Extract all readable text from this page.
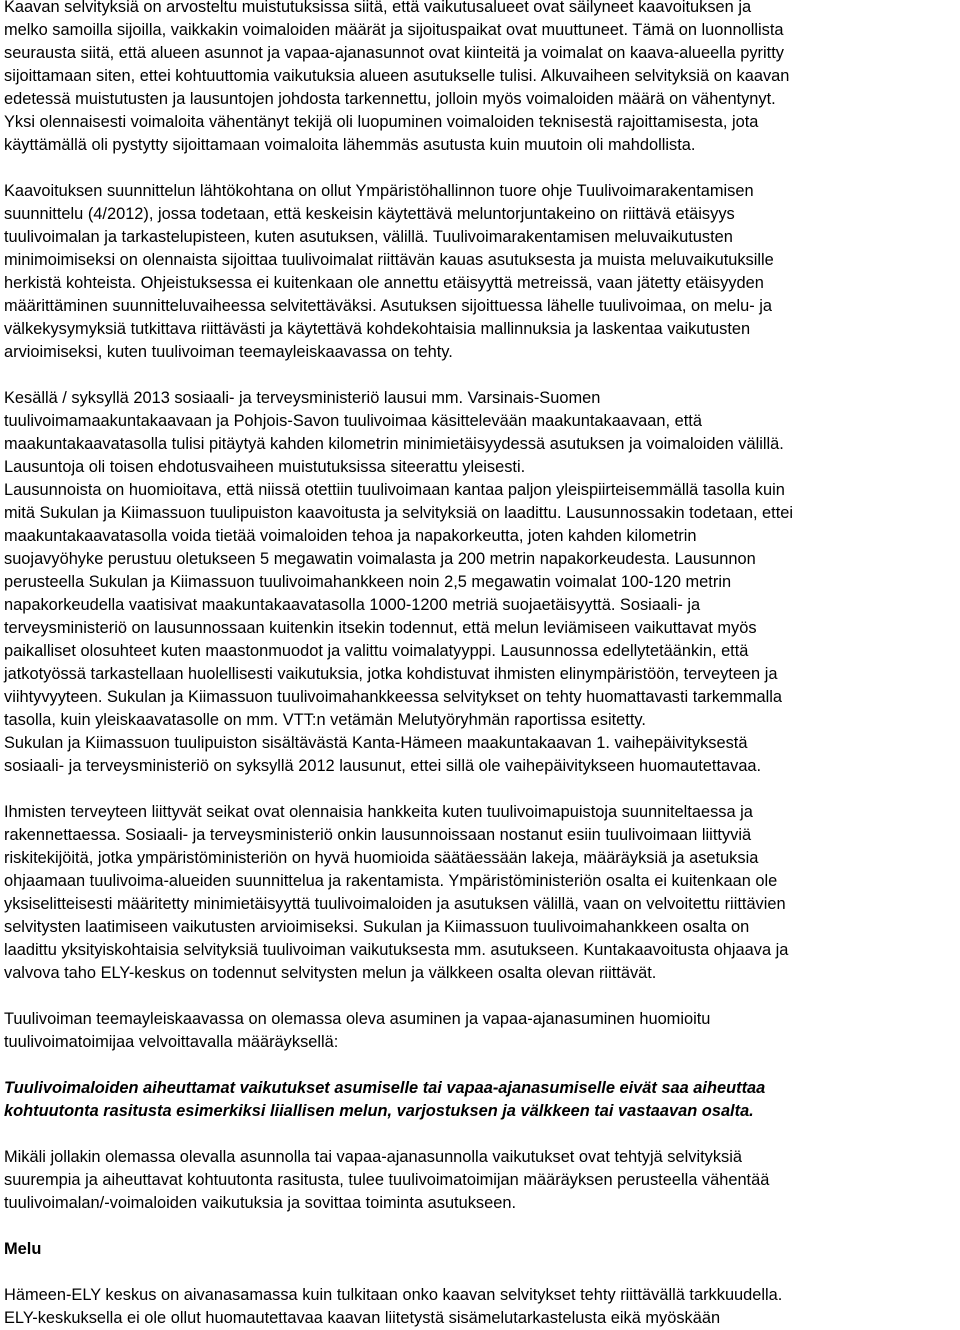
Kaavan selvityksiä on arvosteltu muistutuksissa siitä, että vaikutusalueet ovat säilyneet kaavoituksen ja
melko samoilla sijoilla, vaikkakin voimaloiden määrät ja sijoituspaikat ovat muuttuneet. Tämä on luonnollista
seurausta siitä, että alueen asunnot ja vapaa-ajanasunnot ovat kiinteitä ja voimalat on kaava-alueella pyritty
sijoittamaan siten, ettei kohtuuttomia vaikutuksia alueen asutukselle tulisi. Alkuvaiheen selvityksiä on kaavan
edetessä muistutusten ja lausuntojen johdosta tarkennettu, jolloin myös voimaloiden määrä on vähentynyt.
Yksi olennaisesti voimaloita vähentänyt tekijä oli luopuminen voimaloiden teknisestä rajoittamisesta, jota
käyttämällä oli pystytty sijoittamaan voimaloita lähemmäs asutusta kuin muutoin oli mahdollista.
Kaavoituksen suunnittelun lähtökohtana on ollut Ympäristöhallinnon tuore ohje Tuulivoimarakentamisen
suunnittelu (4/2012), jossa todetaan, että keskeisin käytettävä meluntorjuntakeino on riittävä etäisyys
tuulivoimalan ja tarkastelupisteen, kuten asutuksen, välillä. Tuulivoimarakentamisen meluvaikutusten
minimoimiseksi on olennaista sijoittaa tuulivoimalat riittävän kauas asutuksesta ja muista meluvaikutuksille
herkistä kohteista. Ohjeistuksessa ei kuitenkaan ole annettu etäisyyttä metreissä, vaan jätetty etäisyyden
määrittäminen suunnitteluvaiheessa selvitettäväksi. Asutuksen sijoittuessa lähelle tuulivoimaa, on melu- ja
välkekysymyksiä tutkittava riittävästi ja käytettävä kohdekohtaisia mallinnuksia ja laskentaa vaikutusten
arvioimiseksi, kuten tuulivoiman teemayleiskaavassa on tehty.
Kesällä / syksyllä 2013 sosiaali- ja terveysministeriö lausui mm. Varsinais-Suomen
tuulivoimamaakuntakaavaan ja Pohjois-Savon tuulivoimaa käsittelevään maakuntakaavaan, että
maakuntakaavatasolla tulisi pitäytyä kahden kilometrin minimietäisyydessä asutuksen ja voimaloiden välillä.
Lausuntoja oli toisen ehdotusvaiheen muistutuksissa siteerattu yleisesti.
Lausunnoista on huomioitava, että niissä otettiin tuulivoimaan kantaa paljon yleispiirteisemmällä tasolla kuin
mitä Sukulan ja Kiimassuon tuulipuiston kaavoitusta ja selvityksiä on laadittu. Lausunnossakin todetaan, ettei
maakuntakaavatasolla voida tietää voimaloiden tehoa ja napakorkeutta, joten kahden kilometrin
suojavyöhyke perustuu oletukseen 5 megawatin voimalasta ja 200 metrin napakorkeudesta. Lausunnon
perusteella Sukulan ja Kiimassuon tuulivoimahankkeen noin 2,5 megawatin voimalat 100-120 metrin
napakorkeudella vaatisivat maakuntakaavatasolla 1000-1200 metriä suojaetäisyyttä. Sosiaali- ja
terveysministeriö on lausunnossaan kuitenkin itsekin todennut, että melun leviämiseen vaikuttavat myös
paikalliset olosuhteet kuten maastonmuodot ja valittu voimalatyyppi. Lausunnossa edellytetäänkin, että
jatkotyössä tarkastellaan huolellisesti vaikutuksia, jotka kohdistuvat ihmisten elinympäristöön, terveyteen ja
viihtyvyyteen. Sukulan ja Kiimassuon tuulivoimahankkeessa selvitykset on tehty huomattavasti tarkemmalla
tasolla, kuin yleiskaavatasolle on mm. VTT:n vetämän Melutyöryhmän raportissa esitetty.
Sukulan ja Kiimassuon tuulipuiston sisältävästä Kanta-Hämeen maakuntakaavan 1. vaihepäivityksestä
sosiaali- ja terveysministeriö on syksyllä 2012 lausunut, ettei sillä ole vaihepäivitykseen huomautettavaa.
Ihmisten terveyteen liittyvät seikat ovat olennaisia hankkeita kuten tuulivoimapuistoja suunniteltaessa ja
rakennettaessa. Sosiaali- ja terveysministeriö onkin lausunnoissaan nostanut esiin tuulivoimaan liittyviä
riskitekijöitä, jotka ympäristöministeriön on hyvä huomioida säätäessään lakeja, määräyksiä ja asetuksia
ohjaamaan tuulivoima-alueiden suunnittelua ja rakentamista. Ympäristöministeriön osalta ei kuitenkaan ole
yksiselitteisesti määritetty minimietäisyyttä tuulivoimaloiden ja asutuksen välillä, vaan on velvoitettu riittävien
selvitysten laatimiseen vaikutusten arvioimiseksi. Sukulan ja Kiimassuon tuulivoimahankkeen osalta on
laadittu yksityiskohtaisia selvityksiä tuulivoiman vaikutuksesta mm. asutukseen. Kuntakaavoitusta ohjaava ja
valvova taho ELY-keskus on todennut selvitysten melun ja välkkeen osalta olevan riittävät.
Tuulivoiman teemayleiskaavassa on olemassa oleva asuminen ja vapaa-ajanasuminen huomioitu
tuulivoimatoimijaa velvoittavalla määräyksellä:
Tuulivoimaloiden aiheuttamat vaikutukset asumiselle tai vapaa-ajanasumiselle eivät saa aiheuttaa
kohtuutonta rasitusta esimerkiksi liiallisen melun, varjostuksen ja välkkeen tai vastaavan osalta.
Mikäli jollakin olemassa olevalla asunnolla tai vapaa-ajanasunnolla vaikutukset ovat tehtyjä selvityksiä
suurempia ja aiheuttavat kohtuutonta rasitusta, tulee tuulivoimatoimijan määräyksen perusteella vähentää
tuulivoimalan/-voimaloiden vaikutuksia ja sovittaa toiminta asutukseen.
Melu
Hämeen-ELY keskus on aivanasamassa kuin tulkitaan onko kaavan selvitykset tehty riittävällä tarkkuudella.
ELY-keskuksella ei ole ollut huomautettavaa kaavan liitetystä sisämelutarkastelusta eikä myöskään
